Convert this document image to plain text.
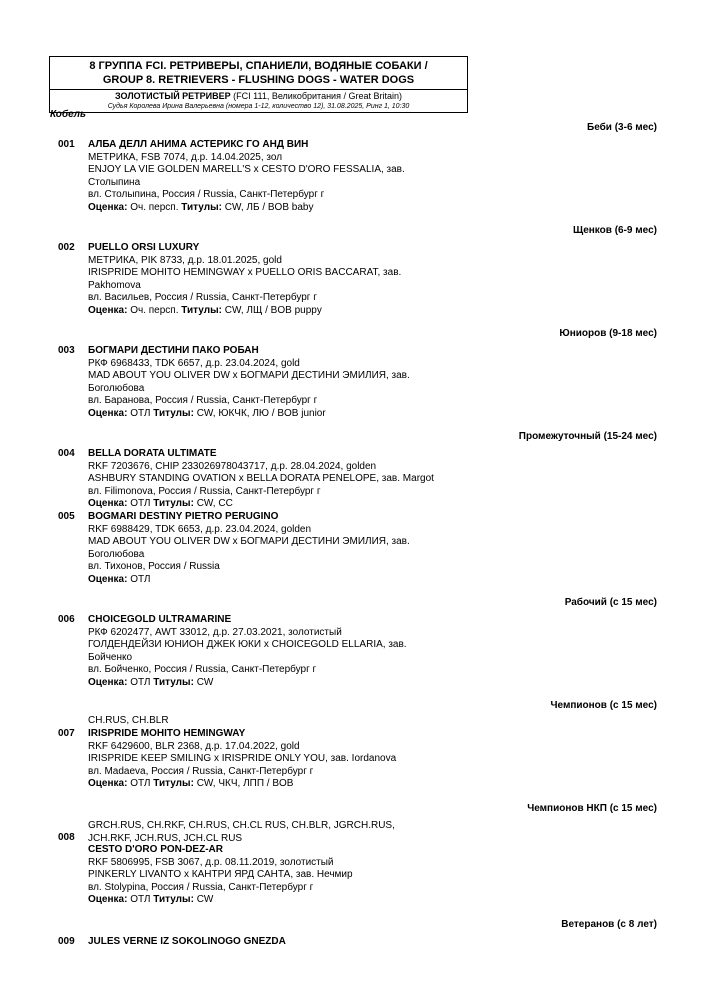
8 ГРУППА FCI. РЕТРИВЕРЫ, СПАНИЕЛИ, ВОДЯНЫЕ СОБАКИ /
GROUP 8. RETRIEVERS - FLUSHING DOGS - WATER DOGS
ЗОЛОТИСТЫЙ РЕТРИВЕР (FCI 111, Великобритания / Great Britain)
Судья Королева Ирина Валерьевна (номера 1-12, количество 12), 31.08.2025, Ринг 1, 10:30
Кобель
Беби (3-6 мес)
Щенков (6-9 мес)
Юниоров (9-18 мес)
Промежуточный (15-24 мес)
Рабочий (с 15 мес)
Чемпионов (с 15 мес)
Чемпионов НКП (с 15 мес)
Ветеранов (с 8 лет)
CH.RUS, CH.BLR
GRCH.RUS, CH.RKF, CH.RUS, CH.CL RUS, CH.BLR, JGRCH.RUS, JCH.RKF, JCH.RUS, JCH.CL RUS
001	АЛБА ДЕЛЛ АНИМА АСТЕРИКС ГО АНД ВИН
МЕТРИКА, FSB 7074, д.р. 14.04.2025, зол
ENJOY LA VIE GOLDEN MARELL'S x CESTO D'ORO FESSALIA, зав. Столыпина
вл. Столыпина, Россия / Russia, Санкт-Петербург г
Оценка: Оч. персп. Титулы: CW, ЛБ / BOB baby
002	PUELLO ORSI LUXURY
МЕТРИКА, PIK 8733, д.р. 18.01.2025, gold
IRISPRIDE MOHITO HEMINGWAY x PUELLO ORIS BACCARAT, зав. Pakhomova
вл. Васильев, Россия / Russia, Санкт-Петербург г
Оценка: Оч. персп. Титулы: CW, ЛЩ / BOB puppy
003	БОГМАРИ ДЕСТИНИ ПАКО РОБАН
РКФ 6968433, TDK 6657, д.р. 23.04.2024, gold
MAD ABOUT YOU OLIVER DW x БОГМАРИ ДЕСТИНИ ЭМИЛИЯ, зав. Боголюбова
вл. Баранова, Россия / Russia, Санкт-Петербург г
Оценка: ОТЛ Титулы: CW, ЮКЧК, ЛЮ / BOB junior
004	BELLA DORATA ULTIMATE
RKF 7203676, CHIP 233026978043717, д.р. 28.04.2024, golden
ASHBURY STANDING OVATION x BELLA DORATA PENELOPE, зав. Margot
вл. Filimonova, Россия / Russia, Санкт-Петербург г
Оценка: ОТЛ Титулы: CW, CC
005	BOGMARI DESTINY PIETRO PERUGINO
RKF 6988429, TDK 6653, д.р. 23.04.2024, golden
MAD ABOUT YOU OLIVER DW x БОГМАРИ ДЕСТИНИ ЭМИЛИЯ, зав. Боголюбова
вл. Тихонов, Россия / Russia
Оценка: ОТЛ
006	CHOICEGOLD ULTRAMARINE
РКФ 6202477, AWT 33012, д.р. 27.03.2021, золотистый
ГОЛДЕНДЕЙЗИ ЮНИОН ДЖЕК ЮКИ x CHOICEGOLD ELLARIA, зав. Бойченко
вл. Бойченко, Россия / Russia, Санкт-Петербург г
Оценка: ОТЛ Титулы: CW
007	IRISPRIDE MOHITO HEMINGWAY
RKF 6429600, BLR 2368, д.р. 17.04.2022, gold
IRISPRIDE KEEP SMILING x IRISPRIDE ONLY YOU, зав. Iordanova
вл. Madaeva, Россия / Russia, Санкт-Петербург г
Оценка: ОТЛ Титулы: CW, ЧКЧ, ЛПП / BOB
008
CESTO D'ORO PON-DEZ-AR
RKF 5806995, FSB 3067, д.р. 08.11.2019, золотистый
PINKERLY LIVANTO x КАНТРИ ЯРД САНТА, зав. Нечмир
вл. Stolypina, Россия / Russia, Санкт-Петербург г
Оценка: ОТЛ Титулы: CW
009	JULES VERNE IZ SOKOLINOGO GNEZDA
